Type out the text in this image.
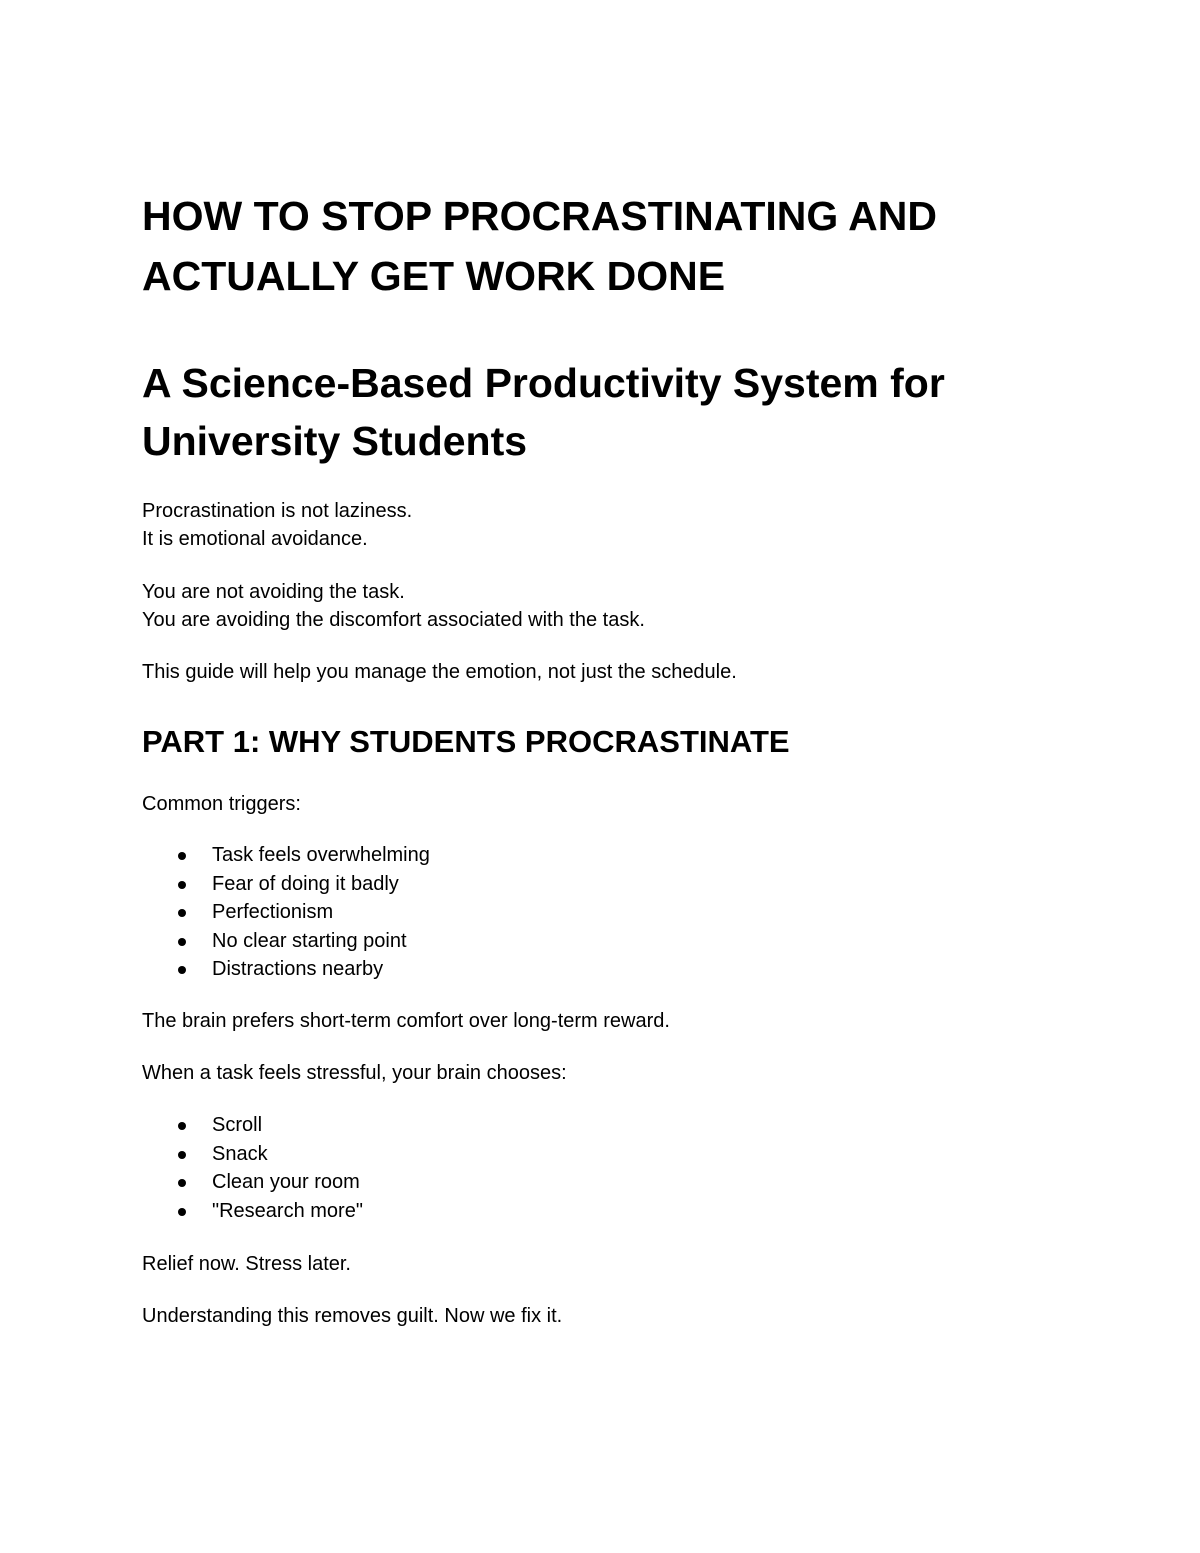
HOW TO STOP PROCRASTINATING AND
ACTUALLY GET WORK DONE
A Science-Based Productivity System for
University Students

Procrastination is not laziness.

It is emotional avoidance.

You are not avoiding the task.

You are avoiding the discomfort associated with the task.

This guide will help you manage the emotion, not just the schedule.

PART 1: WHY STUDENTS PROCRASTINATE

Common triggers:

Task feels overwhelming
Fear of doing it badly
Perfectionism
No clear starting point
Distractions nearby

The brain prefers short-term comfort over long-term reward.

When a task feels stressful, your brain chooses:

Scroll
Snack
Clean your room
"Research more"

Relief now. Stress later.

Understanding this removes guilt. Now we fix it.
